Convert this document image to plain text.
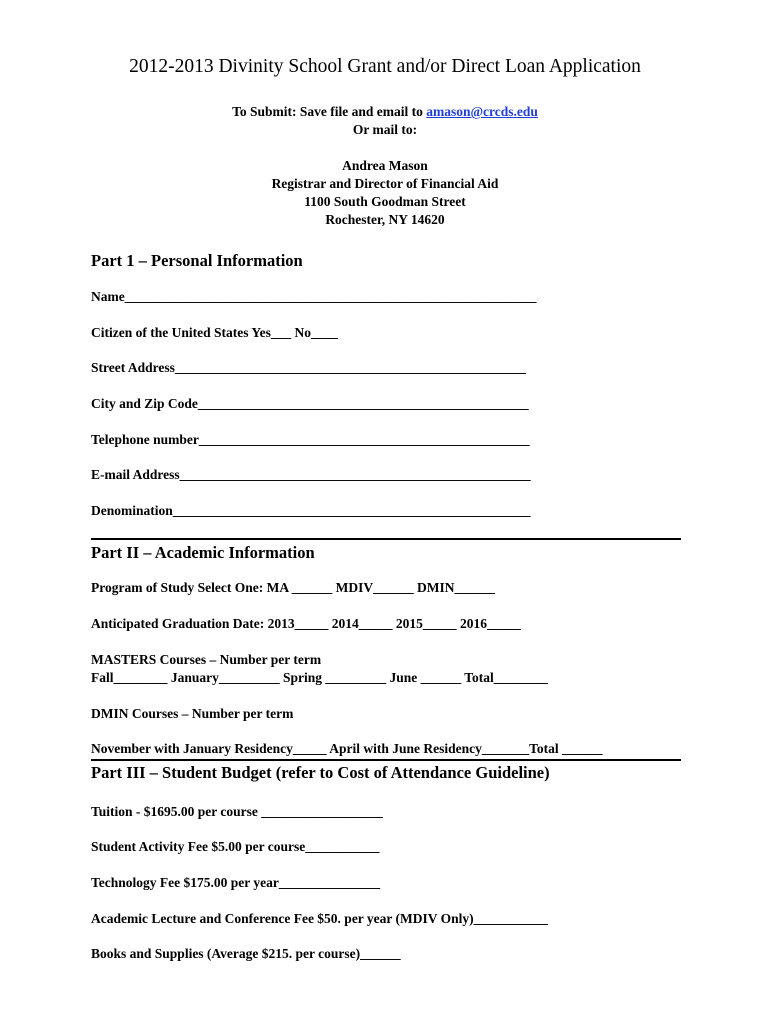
2012-2013 Divinity School Grant and/or Direct Loan Application
To Submit: Save file and email to amason@crcds.edu
Or mail to:
Andrea Mason
Registrar and Director of Financial Aid
1100 South Goodman Street
Rochester, NY 14620
Part 1 – Personal Information
Name_____________________________________________________________
Citizen of the United States Yes___ No____
Street Address____________________________________________________
City and Zip Code_________________________________________________
Telephone number_________________________________________________
E-mail Address____________________________________________________
Denomination_____________________________________________________
Part II – Academic Information
Program of Study Select One: MA ______ MDIV______ DMIN______
Anticipated Graduation Date: 2013_____ 2014_____ 2015_____ 2016_____
MASTERS Courses – Number per term
Fall________ January_________ Spring _________ June ______ Total________
DMIN Courses – Number per term
November with January Residency_____ April with June Residency_______Total ______
Part III – Student Budget (refer to Cost of Attendance Guideline)
Tuition - $1695.00 per course __________________
Student Activity Fee $5.00 per course___________
Technology Fee $175.00 per year_______________
Academic Lecture and Conference Fee $50. per year (MDIV Only)___________
Books and Supplies (Average $215. per course)______
